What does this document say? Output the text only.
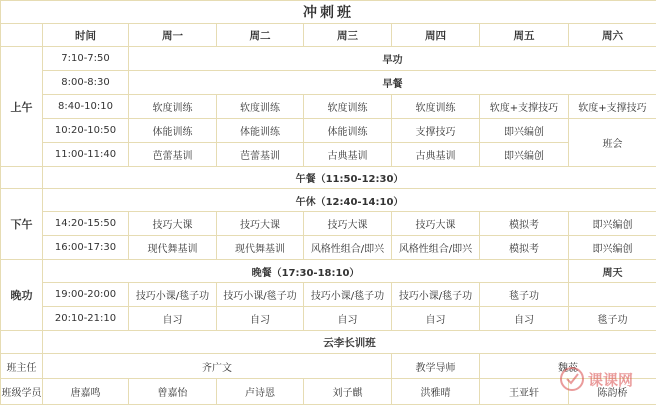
冲刺班							
	时间	周一	周二	周三	周四	周五	周六
上午	7:10-7:50	早功					
	8:00-8:30	早餐					
	8:40-10:10	软度训练	软度训练	软度训练	软度训练	软度+支撑技巧	软度+支撑技巧
	10:20-10:50	体能训练	体能训练	体能训练	支撑技巧	即兴编创	班会
	11:00-11:40	芭蕾基训	芭蕾基训	古典基训	古典基训	即兴编创	
	午餐（11:50-12:30）						
下午	午休（12:40-14:10）						
	14:20-15:50	技巧大课	技巧大课	技巧大课	技巧大课	模拟考	即兴编创
	16:00-17:30	现代舞基训	现代舞基训	风格性组合/即兴	风格性组合/即兴	模拟考	即兴编创
晚功	晚餐（17:30-18:10）						周天
	19:00-20:00	技巧小课/毯子功	技巧小课/毯子功	技巧小课/毯子功	技巧小课/毯子功	毯子功	
	20:10-21:10	自习	自习	自习	自习	自习	毯子功
	云李长训班						
班主任	齐广文				教学导师	魏蕊	
班级学员	唐嘉鸣	曾嘉怡	卢诗恩	刘子麒	洪雅晴	王亚轩	陈韵桥
课课网
